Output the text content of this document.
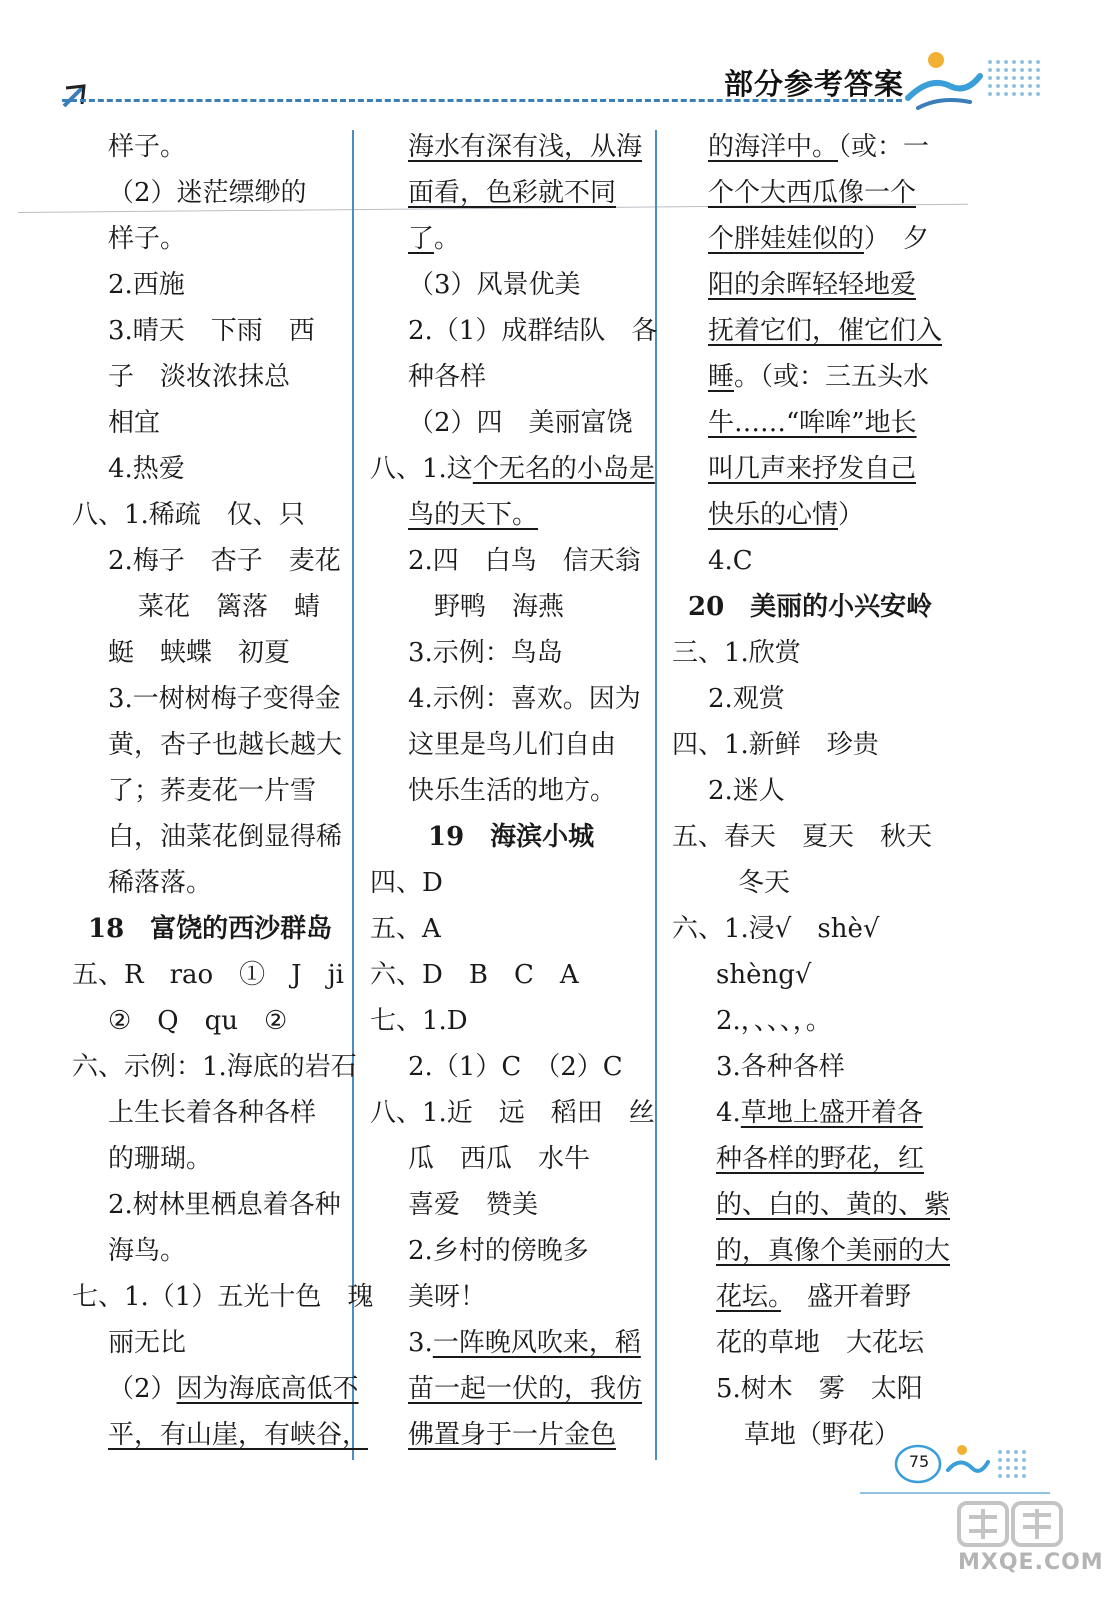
部分参考答案
样子。
（2）迷茫缥缈的
样子。
2.西施
3.晴天　下雨　西
子　淡妆浓抹总
相宜
4.热爱
八、1.稀疏　仅、只
2.梅子　杏子　麦花
菜花　篱落　蜻
蜓　蛱蝶　初夏
3.一树树梅子变得金
黄，杏子也越长越大
了；荞麦花一片雪
白，油菜花倒显得稀
稀落落。
18　富饶的西沙群岛
五、R　rao　①　J　ji
②　Q　qu　②
六、示例：1.海底的岩石
上生长着各种各样
的珊瑚。
2.树林里栖息着各种
海鸟。
七、1.（1）五光十色　瑰
丽无比
（2）因为海底高低不
平，有山崖，有峡谷，
海水有深有浅，从海
面看，色彩就不同
了。
（3）风景优美
2.（1）成群结队　各
种各样
（2）四　美丽富饶
八、1.这个无名的小岛是
鸟的天下。
2.四　白鸟　信天翁
野鸭　海燕
3.示例：鸟岛
4.示例：喜欢。因为
这里是鸟儿们自由
快乐生活的地方。
19　海滨小城
四、D
五、A
六、D　B　C　A
七、1.D
2.（1）C　（2）C
八、1.近　远　稻田　丝
瓜　西瓜　水牛
喜爱　赞美
2.乡村的傍晚多
美呀！
3.一阵晚风吹来，稻
苗一起一伏的，我仿
佛置身于一片金色
的海洋中。（或：一
个个大西瓜像一个
个胖娃娃似的）　夕
阳的余晖轻轻地爱
抚着它们，催它们入
睡。（或：三五头水
牛……“哞哞”地长
叫几声来抒发自己
快乐的心情）
4.C
20　美丽的小兴安岭
三、1.欣赏
2.观赏
四、1.新鲜　珍贵
2.迷人
五、春天　夏天　秋天
冬天
六、1.浸√　shè√
shèng√
2.，、、、，。
3.各种各样
4.草地上盛开着各
种各样的野花，红
的、白的、黄的、紫
的，真像个美丽的大
花坛。　盛开着野
花的草地　大花坛
5.树木　雾　太阳
草地（野花）
75
MXQE.COM
